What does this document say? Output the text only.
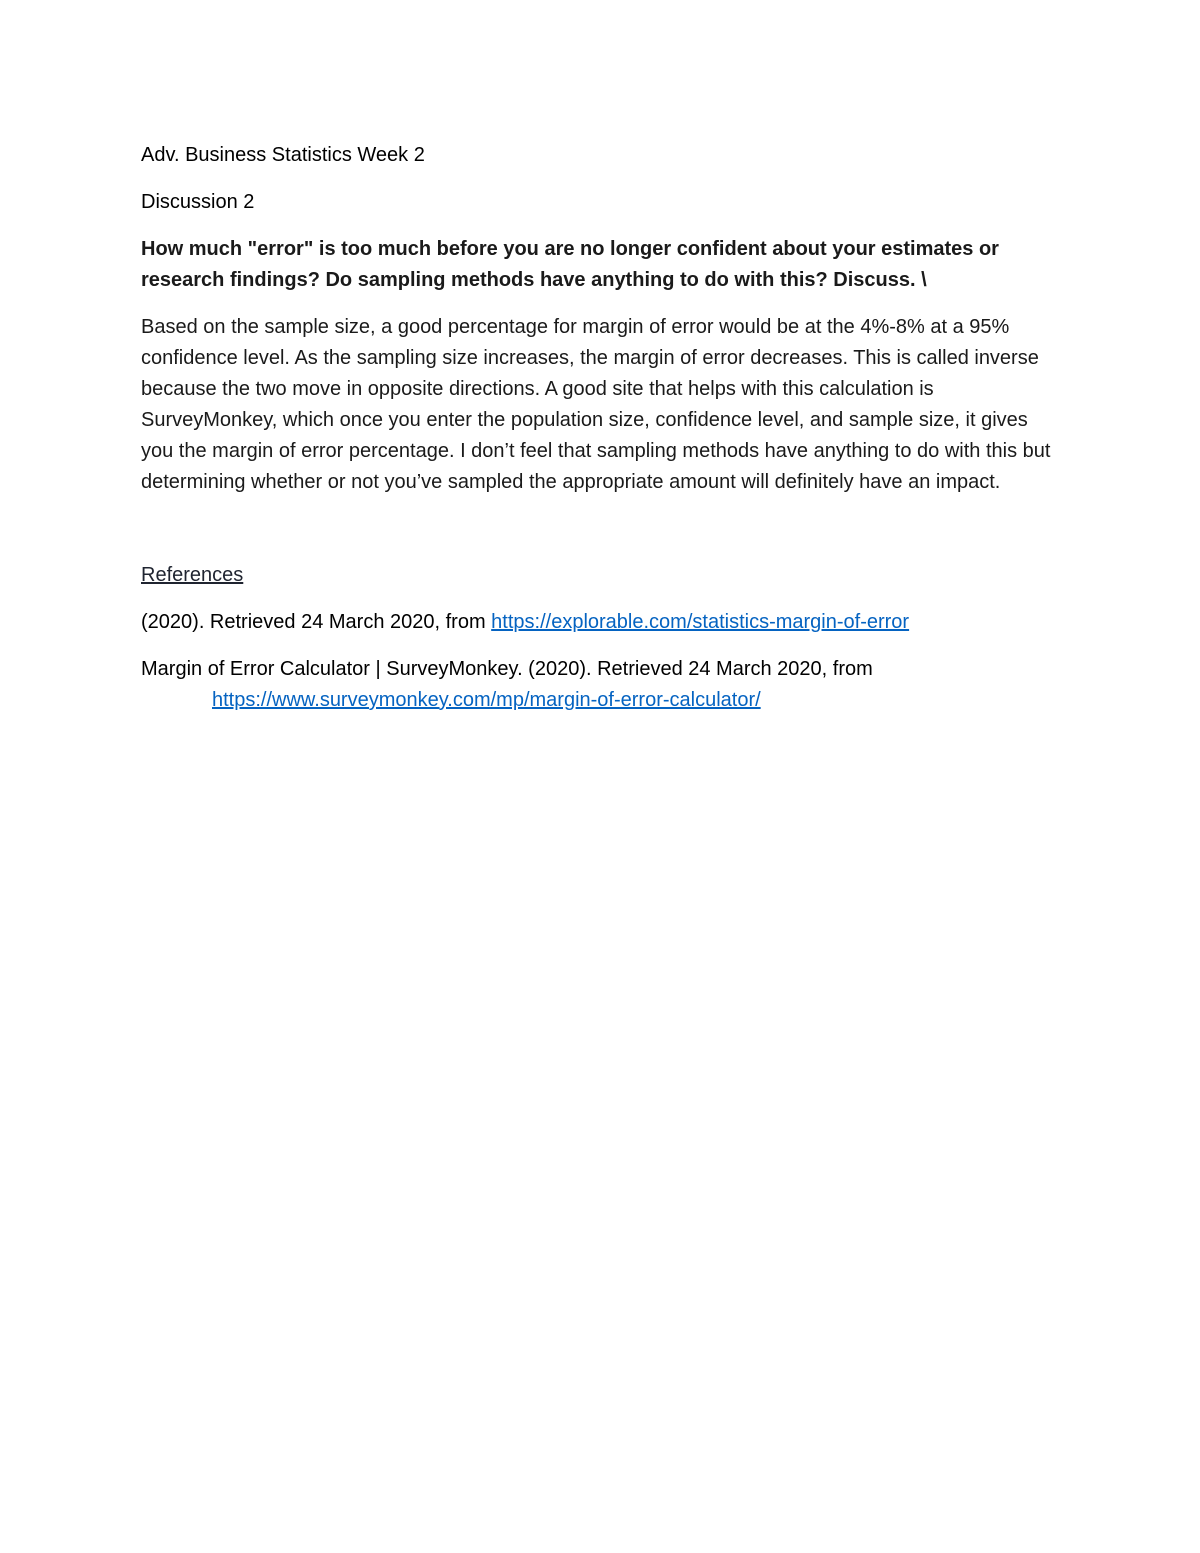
Adv. Business Statistics Week 2

Discussion 2

How much "error" is too much before you are no longer confident about your estimates or research findings? Do sampling methods have anything to do with this? Discuss. \

Based on the sample size, a good percentage for margin of error would be at the 4%-8% at a 95% confidence level. As the sampling size increases, the margin of error decreases. This is called inverse because the two move in opposite directions. A good site that helps with this calculation is SurveyMonkey, which once you enter the population size, confidence level, and sample size, it gives you the margin of error percentage. I don’t feel that sampling methods have anything to do with this but determining whether or not you’ve sampled the appropriate amount will definitely have an impact.

References

(2020). Retrieved 24 March 2020, from https://explorable.com/statistics-margin-of-error

Margin of Error Calculator | SurveyMonkey. (2020). Retrieved 24 March 2020, from https://www.surveymonkey.com/mp/margin-of-error-calculator/
